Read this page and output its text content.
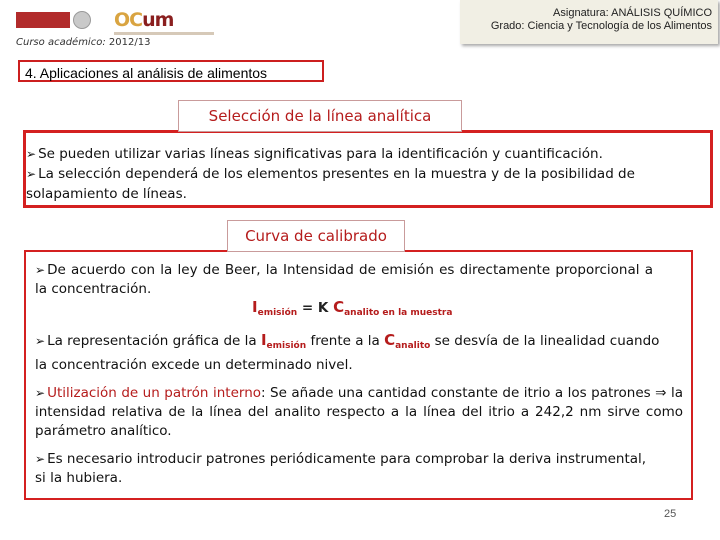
OCum
Curso académico: 2012/13
Asignatura: ANÁLISIS QUÍMICO
Grado: Ciencia y Tecnología de los Alimentos
4. Aplicaciones al análisis de alimentos
➢ Se pueden utilizar varias líneas significativas para la identificación y cuantificación.
➢ La selección dependerá de los elementos presentes en la muestra y de la posibilidad de
solapamiento de líneas.
Selección de la línea analítica
Curva de calibrado
➢ De acuerdo con la ley de Beer, la Intensidad de emisión es directamente proporcional a la concentración.
$I_{emisión} = K$ $C_{analito en la muestra}$
➢ La representación gráfica de la $I_{emisión}$ frente a la $C_{analito}$ se desvía de la linealidad cuando la concentración excede un determinado nivel.
➢ Utilización de un patrón interno: Se añade una cantidad constante de itrio a los patrones ⇒ la intensidad relativa de la línea del analito respecto a la línea del itrio a 242,2 nm sirve como parámetro analítico.
➢ Es necesario introducir patrones periódicamente para comprobar la deriva instrumental, si la hubiera.
25
